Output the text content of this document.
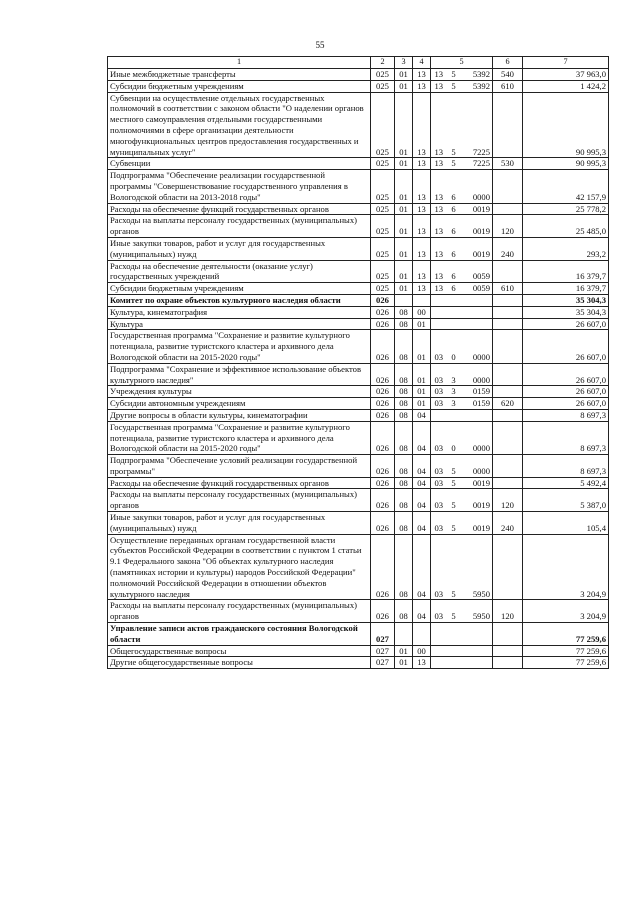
55
1	2	3	4	5			6	7
Иные межбюджетные трансферты	025	01	13	13	5	5392	540	37 963,0
Субсидии бюджетным учреждениям	025	01	13	13	5	5392	610	1 424,2
Субвенции на осуществление отдельных государственных полномочий в соответствии с законом области "О наделении органов местного самоуправления отдельными государственными полномочиями в сфере организации деятельности многофункциональных центров предоставления государственных и муниципальных услуг"	025	01	13	13	5	7225		90 995,3
Субвенции	025	01	13	13	5	7225	530	90 995,3
Подпрограмма "Обеспечение реализации государственной программы "Совершенствование государственного управления в Вологодской области на 2013-2018 годы"	025	01	13	13	6	0000		42 157,9
Расходы на обеспечение функций государственных органов	025	01	13	13	6	0019		25 778,2
Расходы на выплаты персоналу государственных (муниципальных) органов	025	01	13	13	6	0019	120	25 485,0
Иные закупки товаров, работ и услуг для государственных (муниципальных) нужд	025	01	13	13	6	0019	240	293,2
Расходы на обеспечение деятельности (оказание услуг) государственных учреждений	025	01	13	13	6	0059		16 379,7
Субсидии бюджетным учреждениям	025	01	13	13	6	0059	610	16 379,7
Комитет по охране объектов культурного наследия области	026							35 304,3
Культура, кинематография	026	08	00					35 304,3
Культура	026	08	01					26 607,0
Государственная программа "Сохранение и развитие культурного потенциала, развитие туристского кластера и архивного дела Вологодской области на 2015-2020 годы"	026	08	01	03	0	0000		26 607,0
Подпрограмма "Сохранение и эффективное использование объектов культурного наследия"	026	08	01	03	3	0000		26 607,0
Учреждения культуры	026	08	01	03	3	0159		26 607,0
Субсидии автономным учреждениям	026	08	01	03	3	0159	620	26 607,0
Другие вопросы в области культуры, кинематографии	026	08	04					8 697,3
Государственная программа "Сохранение и развитие культурного потенциала, развитие туристского кластера и архивного дела Вологодской области на 2015-2020 годы"	026	08	04	03	0	0000		8 697,3
Подпрограмма "Обеспечение условий реализации государственной программы"	026	08	04	03	5	0000		8 697,3
Расходы на обеспечение функций государственных органов	026	08	04	03	5	0019		5 492,4
Расходы на выплаты персоналу государственных (муниципальных) органов	026	08	04	03	5	0019	120	5 387,0
Иные закупки товаров, работ и услуг для государственных (муниципальных) нужд	026	08	04	03	5	0019	240	105,4
Осуществление переданных органам государственной власти субъектов Российской Федерации в соответствии с пунктом 1 статьи 9.1 Федерального закона "Об объектах культурного наследия (памятниках истории и культуры) народов Российской Федерации" полномочий Российской Федерации в отношении объектов культурного наследия	026	08	04	03	5	5950		3 204,9
Расходы на выплаты персоналу государственных (муниципальных) органов	026	08	04	03	5	5950	120	3 204,9
Управление записи актов гражданского состояния Вологодской области	027							77 259,6
Общегосударственные вопросы	027	01	00					77 259,6
Другие общегосударственные вопросы	027	01	13					77 259,6
